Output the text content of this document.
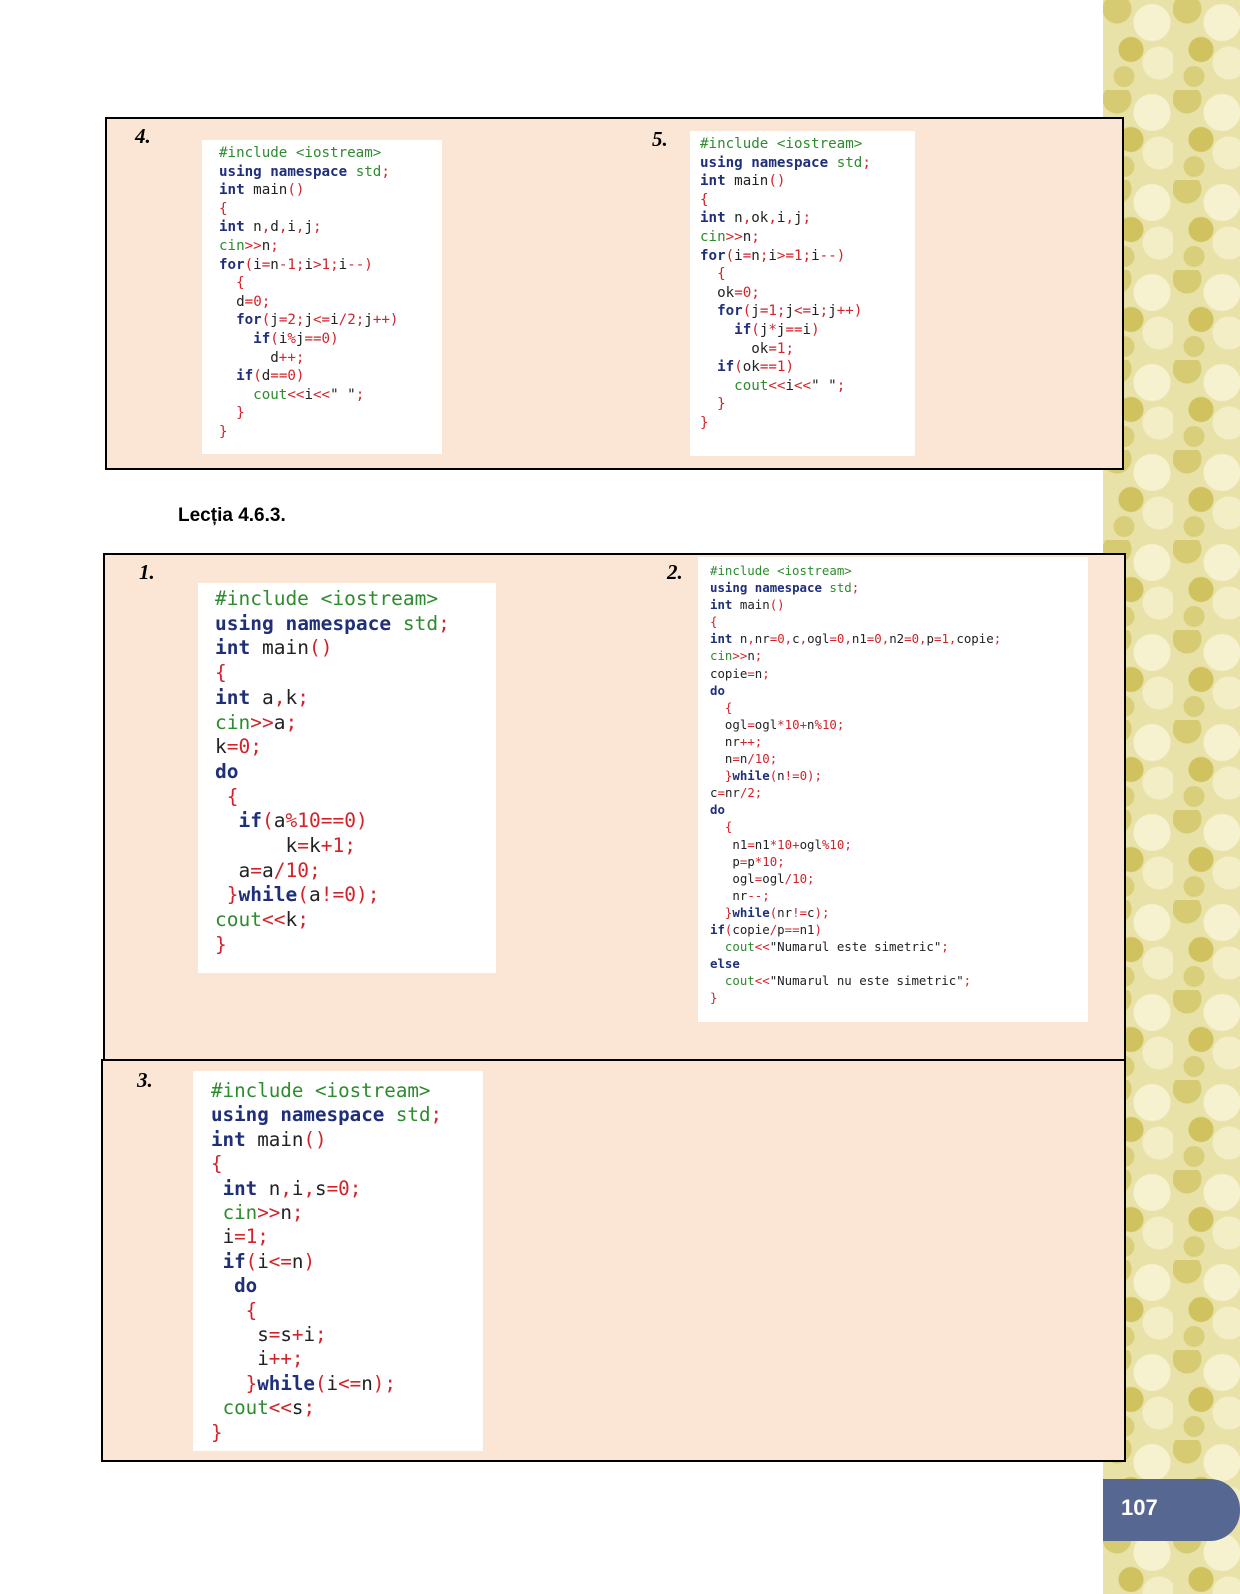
4.
#include <iostream>
using namespace std;
int main()
{
int n,d,i,j;
cin>>n;
for(i=n-1;i>1;i--)
{
d=0;
for(j=2;j<=i/2;j++)
if(i%j==0)
d++;
if(d==0)
cout<<i<<" ";
}
}
5. #include <iostream>
using namespace std;
int main()
{
int n,ok,i,j;
cin>>n;
for(i=n;i>=1;i--)
{
ok=0;
for(j=1;j<=i;j++)
if(j*j==i)
ok=1;
if(ok==1)
cout<<i<<" ";
}
}
Lecția 4.6.3.
1.
#include <iostream>
using namespace std;
int main()
{
int a,k;
cin>>a;
k=0;
do
{
if(a%10==0)
k=k+1;
a=a/10;
}while(a!=0);
cout<<k;
}
2. #include <iostream>
using namespace std;
int main()
{
int n,nr=0,c,ogl=0,n1=0,n2=0,p=1,copie;
cin>>n;
copie=n;
do
{
ogl=ogl*10+n%10;
nr++;
n=n/10;
}while(n!=0);
c=nr/2;
do
{
n1=n1*10+ogl%10;
p=p*10;
ogl=ogl/10;
nr--;
}while(nr!=c);
if(copie/p==n1)
cout<<"Numarul este simetric";
else
cout<<"Numarul nu este simetric";
}
3.	#include <iostream>
using namespace std;
int main()
{
int n,i,s=0;
cin>>n;
i=1;
if(i<=n)
do
{
s=s+i;
i++;
}while(i<=n);
cout<<s;
}
107
